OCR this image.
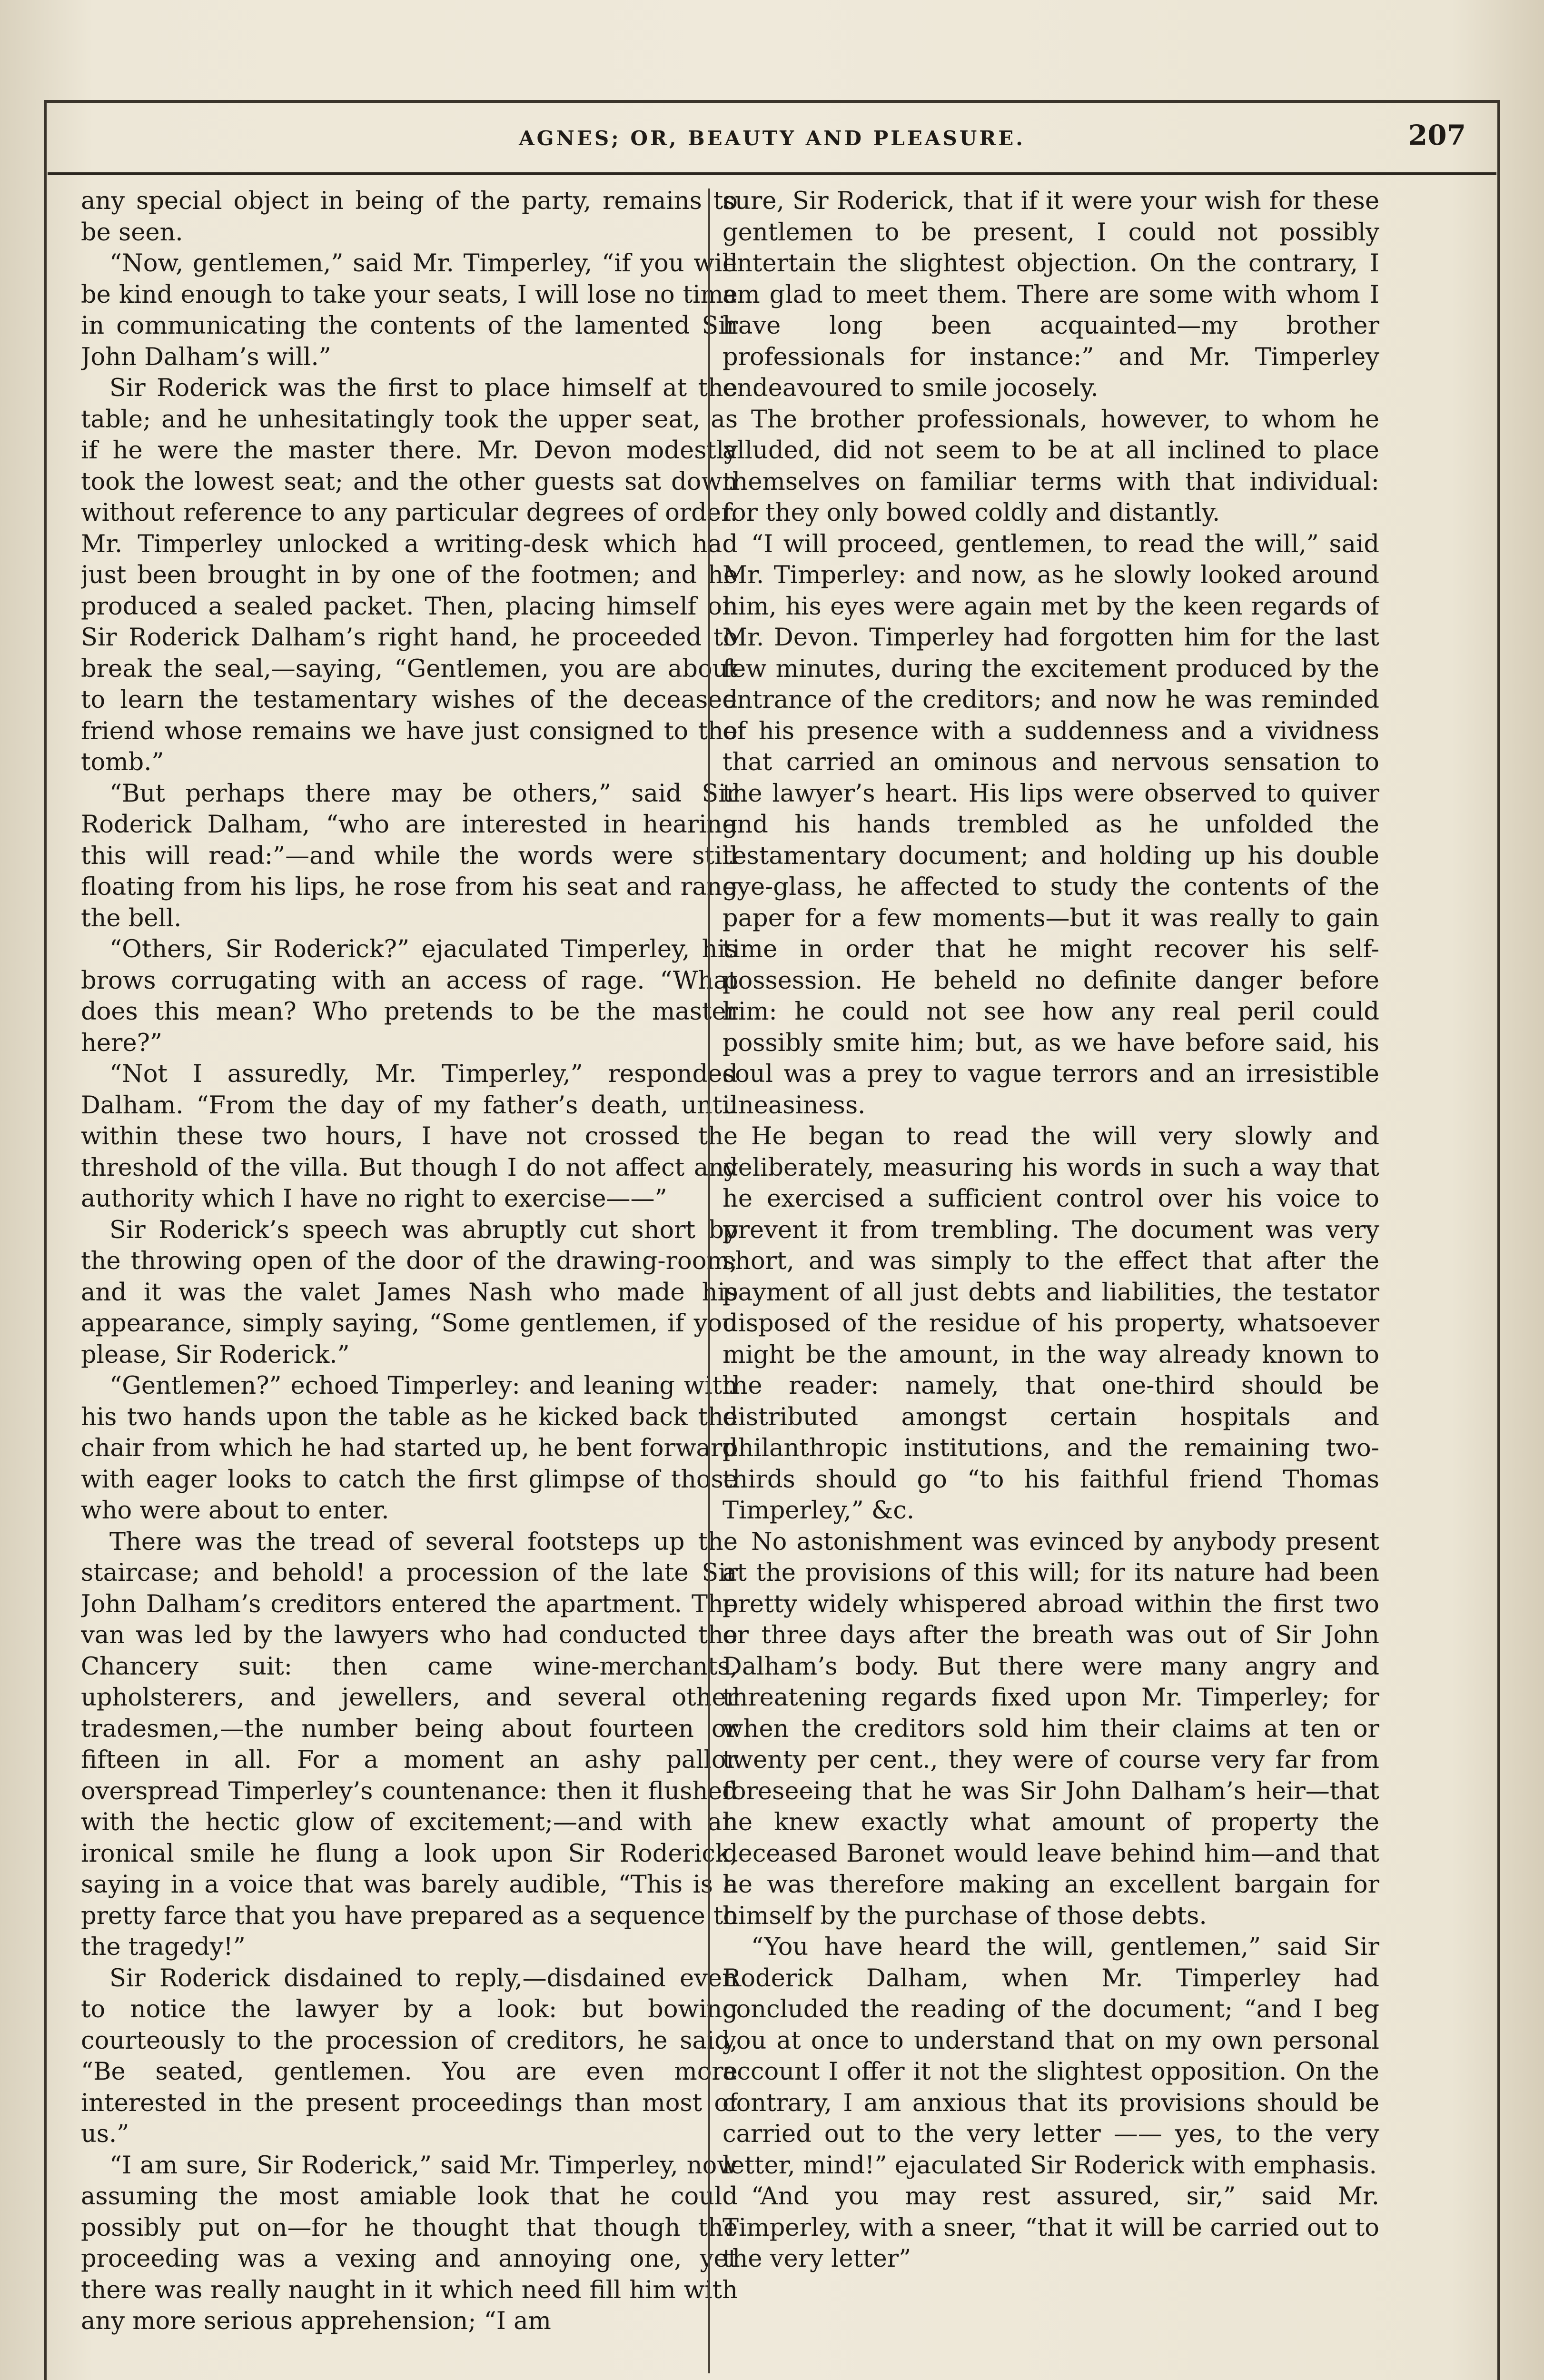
AGNES; OR, BEAUTY AND PLEASURE.	207

any special object in being of the party, remains to be seen.

“Now, gentlemen,” said Mr. Timperley, “if you will be kind enough to take your seats, I will lose no time in communicating the contents of the lamented Sir John Dalham’s will.”

Sir Roderick was the first to place himself at the table; and he unhesitatingly took the upper seat, as if he were the master there. Mr. Devon modestly took the lowest seat; and the other guests sat down without reference to any particular degrees of order. Mr. Timperley unlocked a writing-desk which had just been brought in by one of the footmen; and he produced a sealed packet. Then, placing himself on Sir Roderick Dalham’s right hand, he proceeded to break the seal,—saying, “Gentlemen, you are about to learn the testamentary wishes of the deceased friend whose remains we have just consigned to the tomb.”

“But perhaps there may be others,” said Sir Roderick Dalham, “who are interested in hearing this will read:”—and while the words were still floating from his lips, he rose from his seat and rang the bell.

“Others, Sir Roderick?” ejaculated Timperley, his brows corrugating with an access of rage. “What does this mean? Who pretends to be the master here?”

“Not I assuredly, Mr. Timperley,” responded Dalham. “From the day of my father’s death, until within these two hours, I have not crossed the threshold of the villa. But though I do not affect any authority which I have no right to exercise——”

Sir Roderick’s speech was abruptly cut short by the throwing open of the door of the drawing-room; and it was the valet James Nash who made his appearance, simply saying, “Some gentlemen, if you please, Sir Roderick.”

“Gentlemen?” echoed Timperley: and leaning with his two hands upon the table as he kicked back the chair from which he had started up, he bent forward with eager looks to catch the first glimpse of those who were about to enter.

There was the tread of several footsteps up the staircase; and behold! a procession of the late Sir John Dalham’s creditors entered the apartment. The van was led by the lawyers who had conducted the Chancery suit: then came wine-merchants, upholsterers, and jewellers, and several other tradesmen,—the number being about fourteen or fifteen in all. For a moment an ashy pallor overspread Timperley’s countenance: then it flushed with the hectic glow of excitement;—and with an ironical smile he flung a look upon Sir Roderick, saying in a voice that was barely audible, “This is a pretty farce that you have prepared as a sequence to the tragedy!”

Sir Roderick disdained to reply,—disdained even to notice the lawyer by a look: but bowing courteously to the procession of creditors, he said, “Be seated, gentlemen. You are even more interested in the present proceedings than most of us.”

“I am sure, Sir Roderick,” said Mr. Timperley, now assuming the most amiable look that he could possibly put on—for he thought that though the proceeding was a vexing and annoying one, yet there was really naught in it which need fill him with any more serious apprehension; “I am

sure, Sir Roderick, that if it were your wish for these gentlemen to be present, I could not possibly entertain the slightest objection. On the contrary, I am glad to meet them. There are some with whom I have long been acquainted—my brother professionals for instance:” and Mr. Timperley endeavoured to smile jocosely.

The brother professionals, however, to whom he alluded, did not seem to be at all inclined to place themselves on familiar terms with that individual: for they only bowed coldly and distantly.

“I will proceed, gentlemen, to read the will,” said Mr. Timperley: and now, as he slowly looked around him, his eyes were again met by the keen regards of Mr. Devon. Timperley had forgotten him for the last few minutes, during the excitement produced by the entrance of the creditors; and now he was reminded of his presence with a suddenness and a vividness that carried an ominous and nervous sensation to the lawyer’s heart. His lips were observed to quiver and his hands trembled as he unfolded the testamentary document; and holding up his double eye-glass, he affected to study the contents of the paper for a few moments—but it was really to gain time in order that he might recover his self-possession. He beheld no definite danger before him: he could not see how any real peril could possibly smite him; but, as we have before said, his soul was a prey to vague terrors and an irresistible uneasiness.

He began to read the will very slowly and deliberately, measuring his words in such a way that he exercised a sufficient control over his voice to prevent it from trembling. The document was very short, and was simply to the effect that after the payment of all just debts and liabilities, the testator disposed of the residue of his property, whatsoever might be the amount, in the way already known to the reader: namely, that one-third should be distributed amongst certain hospitals and philanthropic institutions, and the remaining two-thirds should go “to his faithful friend Thomas Timperley,” &c.

No astonishment was evinced by anybody present at the provisions of this will; for its nature had been pretty widely whispered abroad within the first two or three days after the breath was out of Sir John Dalham’s body. But there were many angry and threatening regards fixed upon Mr. Timperley; for when the creditors sold him their claims at ten or twenty per cent., they were of course very far from foreseeing that he was Sir John Dalham’s heir—that he knew exactly what amount of property the deceased Baronet would leave behind him—and that he was therefore making an excellent bargain for himself by the purchase of those debts.

“You have heard the will, gentlemen,” said Sir Roderick Dalham, when Mr. Timperley had concluded the reading of the document; “and I beg you at once to understand that on my own personal account I offer it not the slightest opposition. On the contrary, I am anxious that its provisions should be carried out to the very letter —— yes, to the very letter, mind!” ejaculated Sir Roderick with emphasis.

“And you may rest assured, sir,” said Mr. Timperley, with a sneer, “that it will be carried out to the very letter”
